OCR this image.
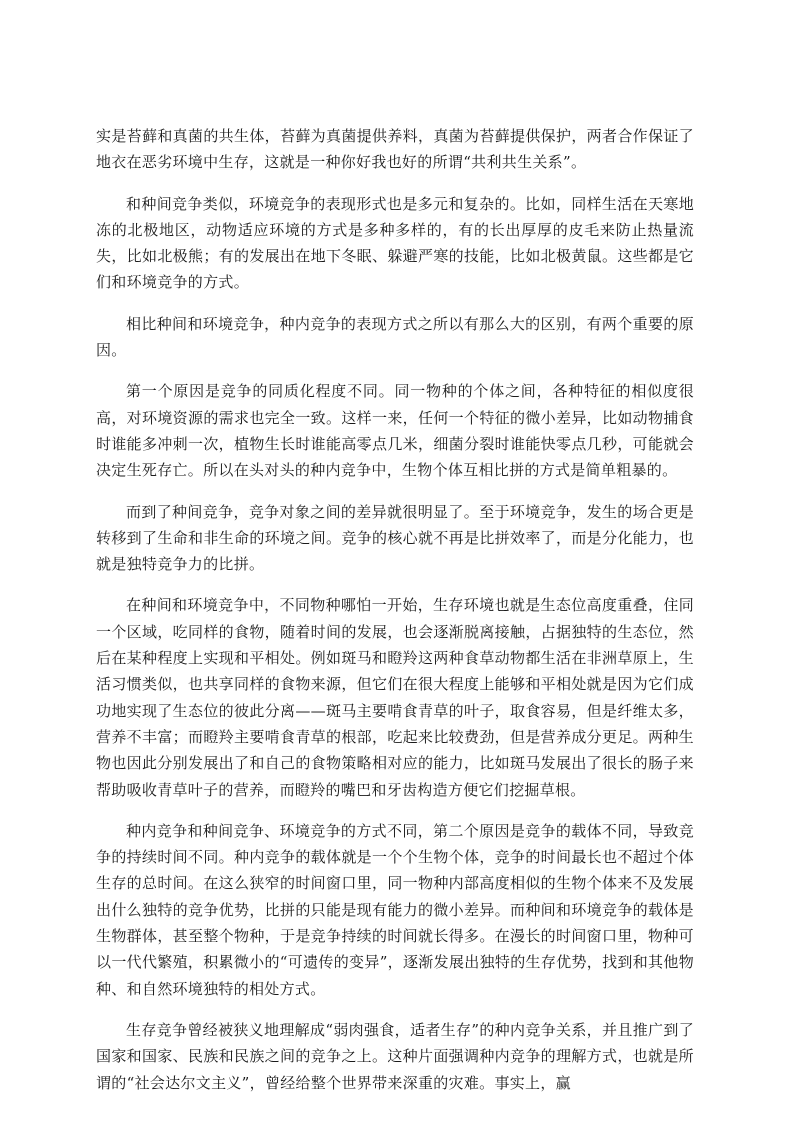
实是苔藓和真菌的共生体，苔藓为真菌提供养料，真菌为苔藓提供保护，两者合作保证了地衣在恶劣环境中生存，这就是一种你好我也好的所谓“共利共生关系”。

和种间竞争类似，环境竞争的表现形式也是多元和复杂的。比如，同样生活在天寒地冻的北极地区，动物适应环境的方式是多种多样的，有的长出厚厚的皮毛来防止热量流失，比如北极熊；有的发展出在地下冬眠、躲避严寒的技能，比如北极黄鼠。这些都是它们和环境竞争的方式。

相比种间和环境竞争，种内竞争的表现方式之所以有那么大的区别，有两个重要的原因。

第一个原因是竞争的同质化程度不同。同一物种的个体之间，各种特征的相似度很高，对环境资源的需求也完全一致。这样一来，任何一个特征的微小差异，比如动物捕食时谁能多冲刺一次，植物生长时谁能高零点几米，细菌分裂时谁能快零点几秒，可能就会决定生死存亡。所以在头对头的种内竞争中，生物个体互相比拼的方式是简单粗暴的。

而到了种间竞争，竞争对象之间的差异就很明显了。至于环境竞争，发生的场合更是转移到了生命和非生命的环境之间。竞争的核心就不再是比拼效率了，而是分化能力，也就是独特竞争力的比拼。

在种间和环境竞争中，不同物种哪怕一开始，生存环境也就是生态位高度重叠，住同一个区域，吃同样的食物，随着时间的发展，也会逐渐脱离接触，占据独特的生态位，然后在某种程度上实现和平相处。例如斑马和瞪羚这两种食草动物都生活在非洲草原上，生活习惯类似，也共享同样的食物来源，但它们在很大程度上能够和平相处就是因为它们成功地实现了生态位的彼此分离——斑马主要啃食青草的叶子，取食容易，但是纤维太多，营养不丰富；而瞪羚主要啃食青草的根部，吃起来比较费劲，但是营养成分更足。两种生物也因此分别发展出了和自己的食物策略相对应的能力，比如斑马发展出了很长的肠子来帮助吸收青草叶子的营养，而瞪羚的嘴巴和牙齿构造方便它们挖掘草根。

种内竞争和种间竞争、环境竞争的方式不同，第二个原因是竞争的载体不同，导致竞争的持续时间不同。种内竞争的载体就是一个个生物个体，竞争的时间最长也不超过个体生存的总时间。在这么狭窄的时间窗口里，同一物种内部高度相似的生物个体来不及发展出什么独特的竞争优势，比拼的只能是现有能力的微小差异。而种间和环境竞争的载体是生物群体，甚至整个物种，于是竞争持续的时间就长得多。在漫长的时间窗口里，物种可以一代代繁殖，积累微小的“可遗传的变异”，逐渐发展出独特的生存优势，找到和其他物种、和自然环境独特的相处方式。

生存竞争曾经被狭义地理解成“弱肉强食，适者生存”的种内竞争关系，并且推广到了国家和国家、民族和民族之间的竞争之上。这种片面强调种内竞争的理解方式，也就是所谓的“社会达尔文主义”，曾经给整个世界带来深重的灾难。事实上，赢
